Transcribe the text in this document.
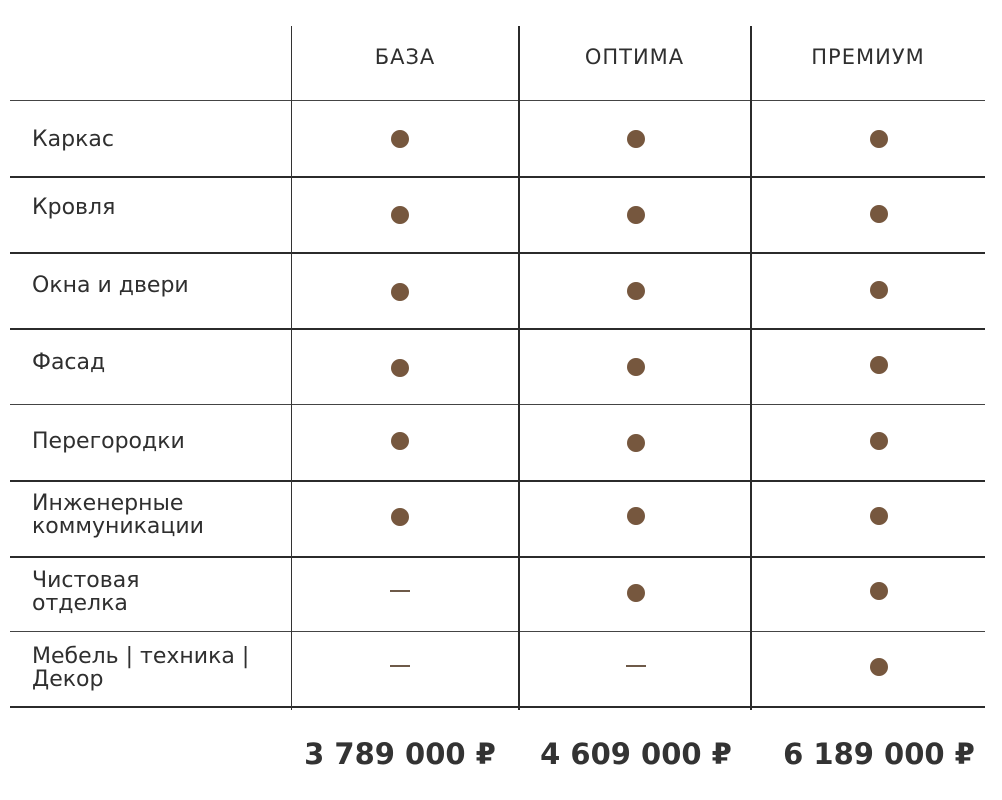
БАЗА
3 789 000 ₽
ОПТИМА
4 609 000 ₽
ПРЕМИУМ
6 189 000 ₽
Каркас
Кровля
Окна и двери
Фасад
Перегородки
Инженерные
коммуникации
Чистовая
отделка
Мебель | техника |
Декор
